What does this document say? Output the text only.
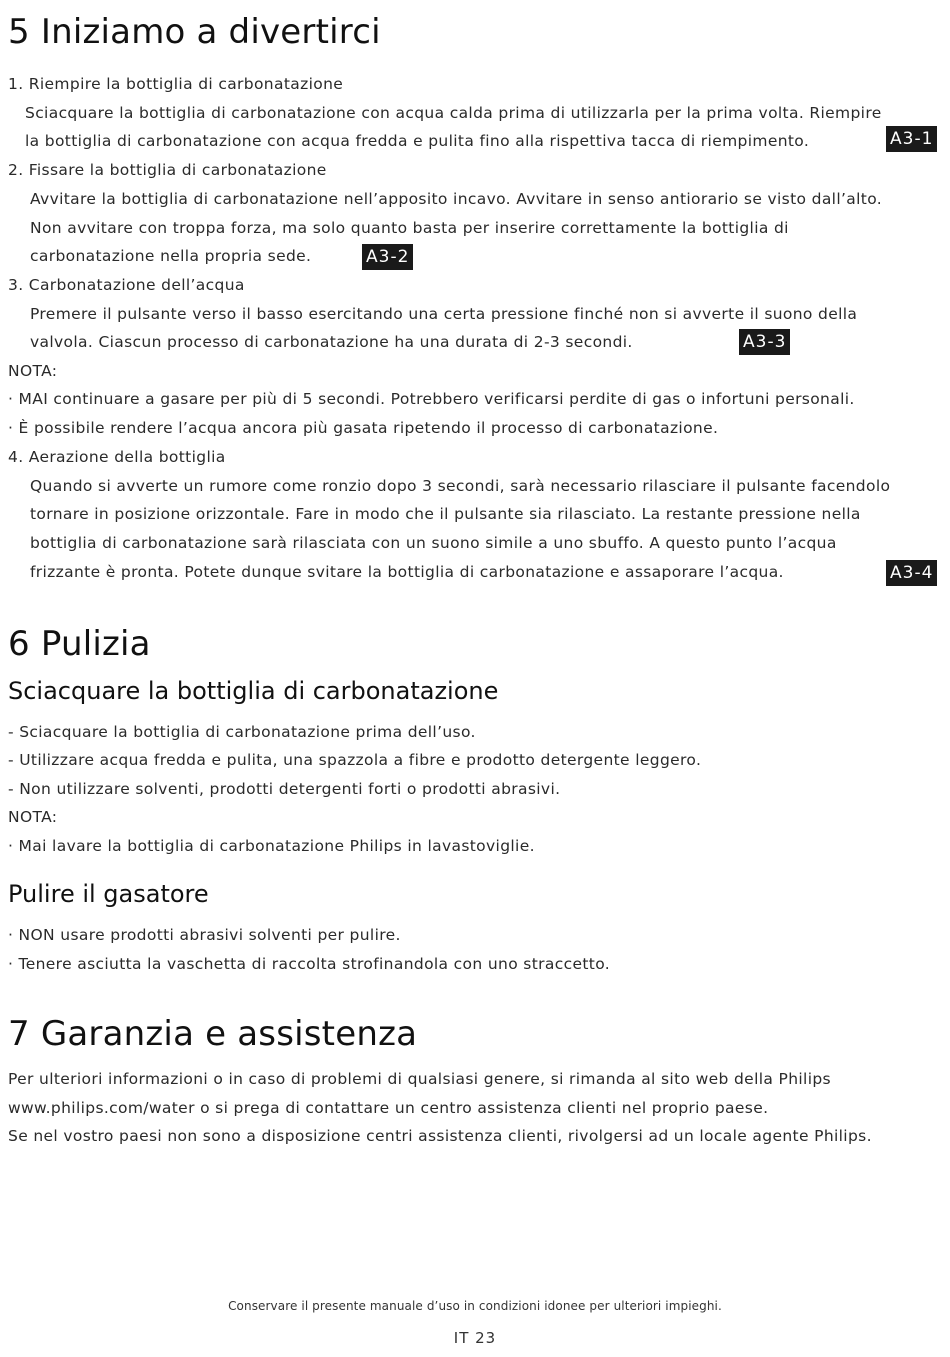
5 Iniziamo a divertirci

1. Riempire la bottiglia di carbonatazione

Sciacquare la bottiglia di carbonatazione con acqua calda prima di utilizzarla per la prima volta. Riempire

la bottiglia di carbonatazione con acqua fredda e pulita fino alla rispettiva tacca di riempimento.	A3-1

2. Fissare la bottiglia di carbonatazione

Avvitare la bottiglia di carbonatazione nell’apposito incavo. Avvitare in senso antiorario se visto dall’alto.

Non avvitare con troppa forza, ma solo quanto basta per inserire correttamente la bottiglia di

carbonatazione nella propria sede.	A3-2

3. Carbonatazione dell’acqua

Premere il pulsante verso il basso esercitando una certa pressione finché non si avverte il suono della

valvola. Ciascun processo di carbonatazione ha una durata di 2-3 secondi.	A3-3

NOTA:

· MAI continuare a gasare per più di 5 secondi. Potrebbero verificarsi perdite di gas o infortuni personali.

· È possibile rendere l’acqua ancora più gasata ripetendo il processo di carbonatazione.

4. Aerazione della bottiglia

Quando si avverte un rumore come ronzio dopo 3 secondi, sarà necessario rilasciare il pulsante facendolo

tornare in posizione orizzontale. Fare in modo che il pulsante sia rilasciato. La restante pressione nella

bottiglia di carbonatazione sarà rilasciata con un suono simile a uno sbuffo. A questo punto l’acqua

frizzante è pronta. Potete dunque svitare la bottiglia di carbonatazione e assaporare l’acqua.	A3-4
6 Pulizia
Sciacquare la bottiglia di carbonatazione

- Sciacquare la bottiglia di carbonatazione prima dell’uso.

- Utilizzare acqua fredda e pulita, una spazzola a fibre e prodotto detergente leggero.

- Non utilizzare solventi, prodotti detergenti forti o prodotti abrasivi.

NOTA:

· Mai lavare la bottiglia di carbonatazione Philips in lavastoviglie.

Pulire il gasatore

· NON usare prodotti abrasivi solventi per pulire.

· Tenere asciutta la vaschetta di raccolta strofinandola con uno straccetto.

7 Garanzia e assistenza

Per ulteriori informazioni o in caso di problemi di qualsiasi genere, si rimanda al sito web della Philips

www.philips.com/water o si prega di contattare un centro assistenza clienti nel proprio paese.

Se nel vostro paesi non sono a disposizione centri assistenza clienti, rivolgersi ad un locale agente Philips.

Conservare il presente manuale d’uso in condizioni idonee per ulteriori impieghi.
IT 23
